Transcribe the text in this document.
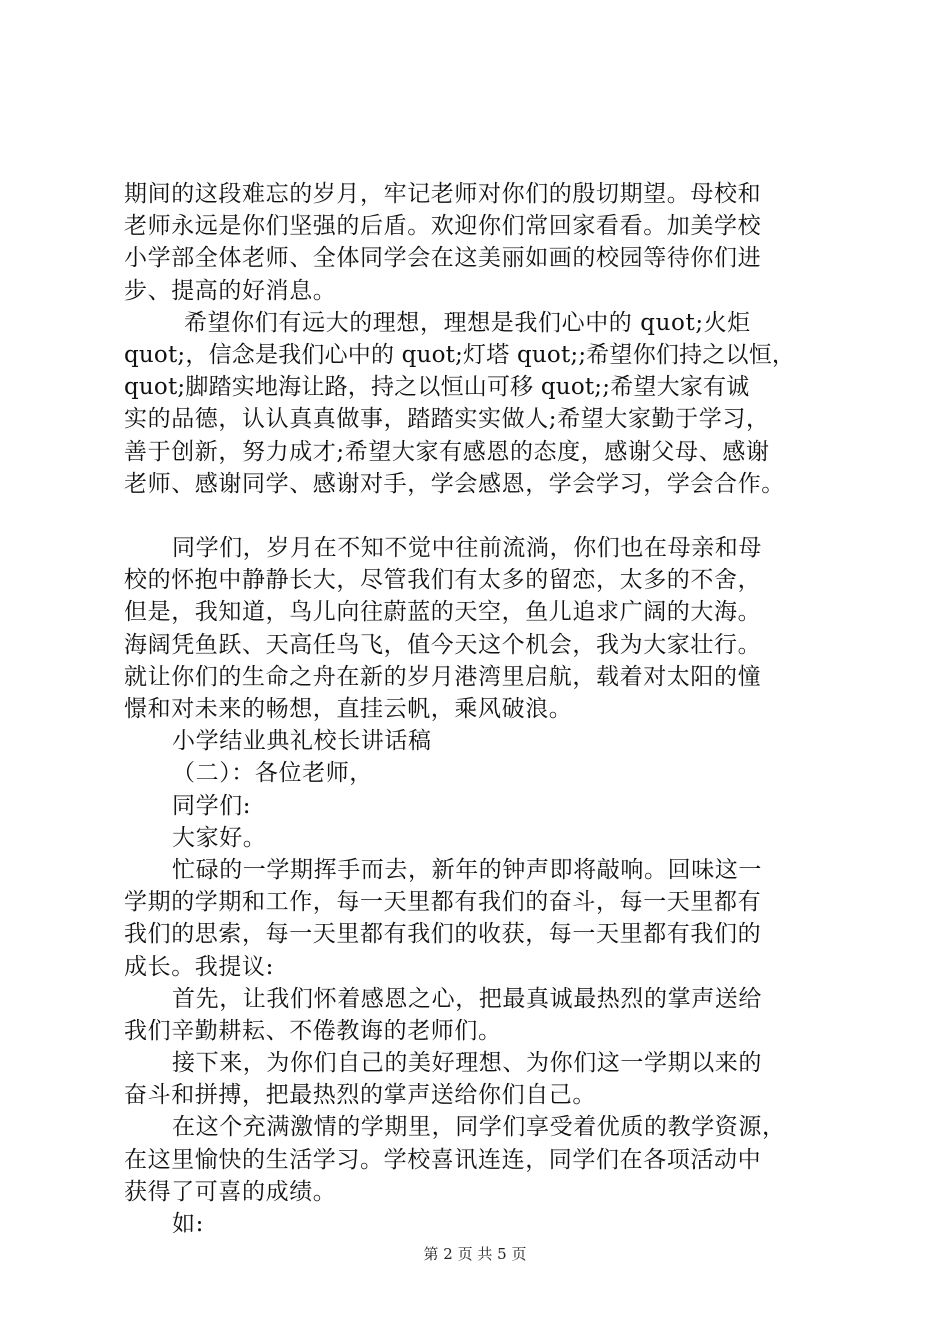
期间的这段难忘的岁月，牢记老师对你们的殷切期望。母校和
老师永远是你们坚强的后盾。欢迎你们常回家看看。加美学校
小学部全体老师、全体同学会在这美丽如画的校园等待你们进
步、提高的好消息。
希望你们有远大的理想，理想是我们心中的 quot;火炬
quot;，信念是我们心中的 quot;灯塔 quot;;希望你们持之以恒，
quot;脚踏实地海让路，持之以恒山可移 quot;;希望大家有诚
实的品德，认认真真做事，踏踏实实做人;希望大家勤于学习，
善于创新，努力成才;希望大家有感恩的态度，感谢父母、感谢
老师、感谢同学、感谢对手，学会感恩，学会学习，学会合作。
同学们，岁月在不知不觉中往前流淌，你们也在母亲和母
校的怀抱中静静长大，尽管我们有太多的留恋，太多的不舍，
但是，我知道，鸟儿向往蔚蓝的天空，鱼儿追求广阔的大海。
海阔凭鱼跃、天高任鸟飞，值今天这个机会，我为大家壮行。
就让你们的生命之舟在新的岁月港湾里启航，载着对太阳的憧
憬和对未来的畅想，直挂云帆，乘风破浪。
小学结业典礼校长讲话稿
（二）：各位老师，
同学们:
大家好。
忙碌的一学期挥手而去，新年的钟声即将敲响。回味这一
学期的学期和工作，每一天里都有我们的奋斗，每一天里都有
我们的思索，每一天里都有我们的收获，每一天里都有我们的
成长。我提议:
首先，让我们怀着感恩之心，把最真诚最热烈的掌声送给
我们辛勤耕耘、不倦教诲的老师们。
接下来，为你们自己的美好理想、为你们这一学期以来的
奋斗和拼搏，把最热烈的掌声送给你们自己。
在这个充满激情的学期里，同学们享受着优质的教学资源，
在这里愉快的生活学习。学校喜讯连连，同学们在各项活动中
获得了可喜的成绩。
如:
第 2 页 共 5 页
